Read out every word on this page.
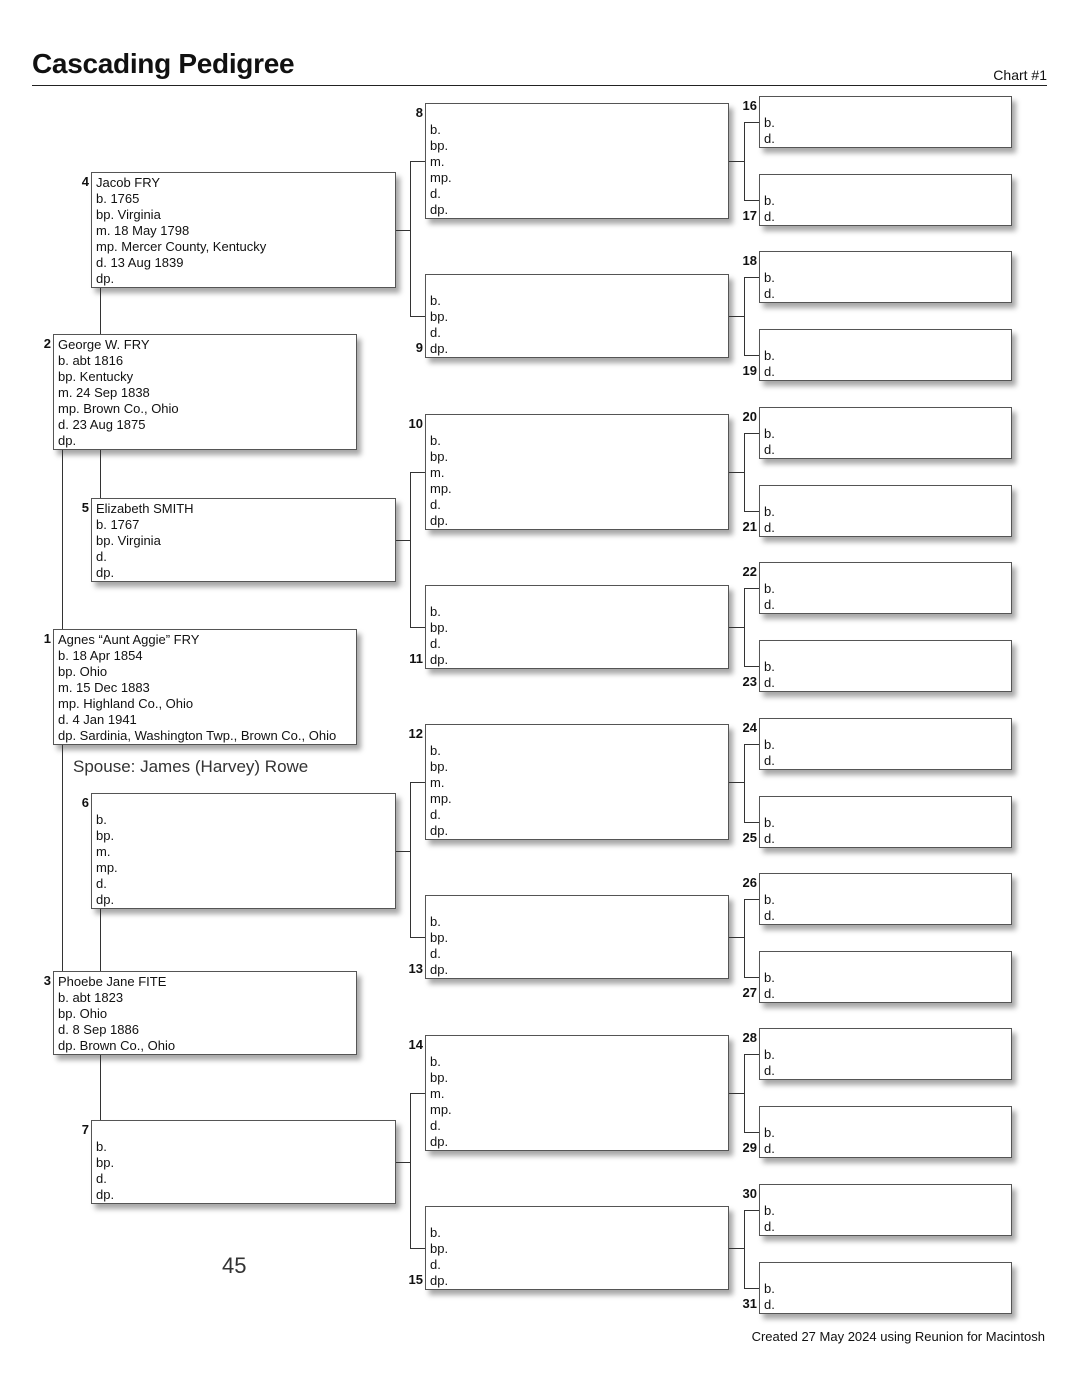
Cascading Pedigree	Chart #1
Agnes “Aunt Aggie” FRY
b. 18 Apr 1854
bp. Ohio
m. 15 Dec 1883
mp. Highland Co., Ohio
d. 4 Jan 1941
dp. Sardinia, Washington Twp., Brown Co., Ohio
1
George W. FRY
b. abt 1816
bp. Kentucky
m. 24 Sep 1838
mp. Brown Co., Ohio
d. 23 Aug 1875
dp.
2
Phoebe Jane FITE
b. abt 1823
bp. Ohio
d. 8 Sep 1886
dp. Brown Co., Ohio
3
Jacob FRY
b. 1765
bp. Virginia
m. 18 May 1798
mp. Mercer County, Kentucky
d. 13 Aug 1839
dp.
4
Elizabeth SMITH
b. 1767
bp. Virginia
d.
dp.
5
b.
bp.
m.
mp.
d.
dp.
6
b.
bp.
d.
dp.
7
b.
bp.
m.
mp.
d.
dp.
8
b.
bp.
d.
dp.
9
b.
bp.
m.
mp.
d.
dp.
10
b.
bp.
d.
dp.
11
b.
bp.
m.
mp.
d.
dp.
12
b.
bp.
d.
dp.
13
b.
bp.
m.
mp.
d.
dp.
14
b.
bp.
d.
dp.
15
b.
d.
16
b.
d.
17
b.
d.
18
b.
d.
19
b.
d.
20
b.
d.
21
b.
d.
22
b.
d.
23
b.
d.
24
b.
d.
25
b.
d.
26
b.
d.
27
b.
d.
28
b.
d.
29
b.
d.
30
b.
d.
31
Spouse: James (Harvey) Rowe
45
Created 27 May 2024 using Reunion for Macintosh
